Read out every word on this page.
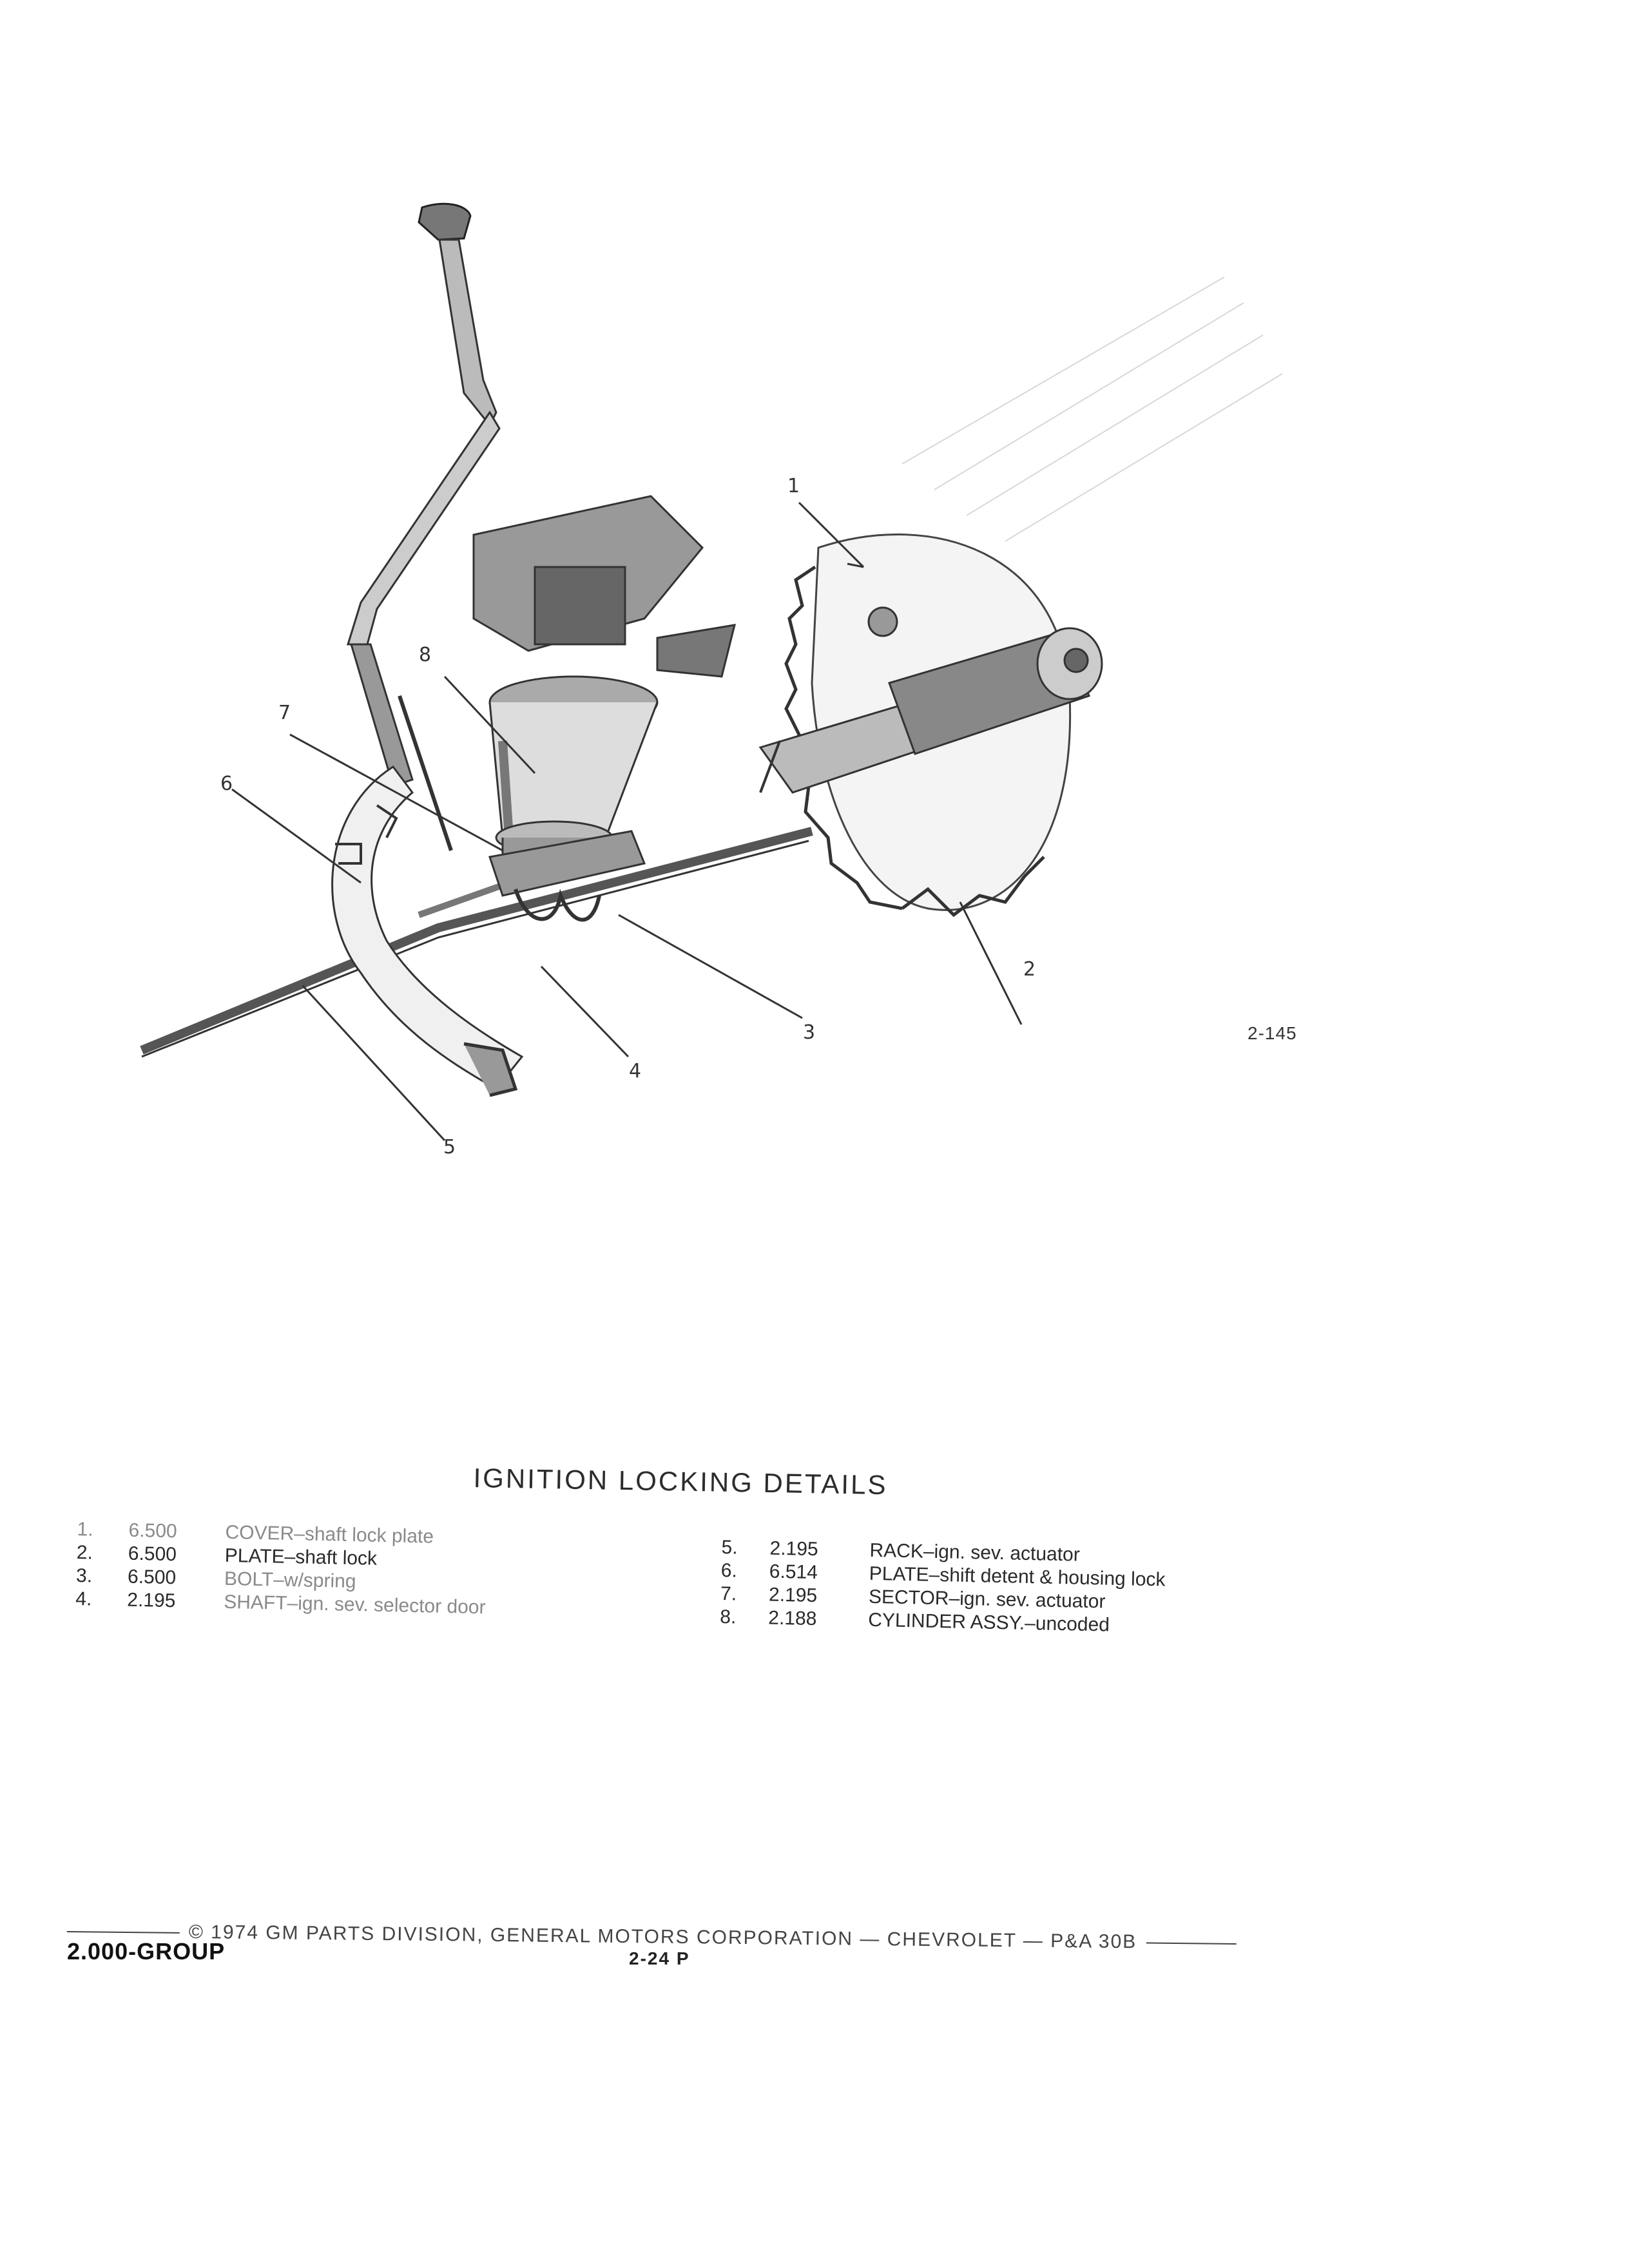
1
2
3
4
5
6
7
8
2-145
IGNITION LOCKING DETAILS
1.	6.500	COVER–shaft lock plate
2.	6.500	PLATE–shaft lock
3.	6.500	BOLT–w/spring
4.	2.195	SHAFT–ign. sev. selector door
5.	2.195	RACK–ign. sev. actuator
6.	6.514	PLATE–shift detent & housing lock
7.	2.195	SECTOR–ign. sev. actuator
8.	2.188	CYLINDER ASSY.–uncoded
© 1974 GM PARTS DIVISION, GENERAL MOTORS CORPORATION — CHEVROLET — P&A 30B
2.000-GROUP	2-24 P
